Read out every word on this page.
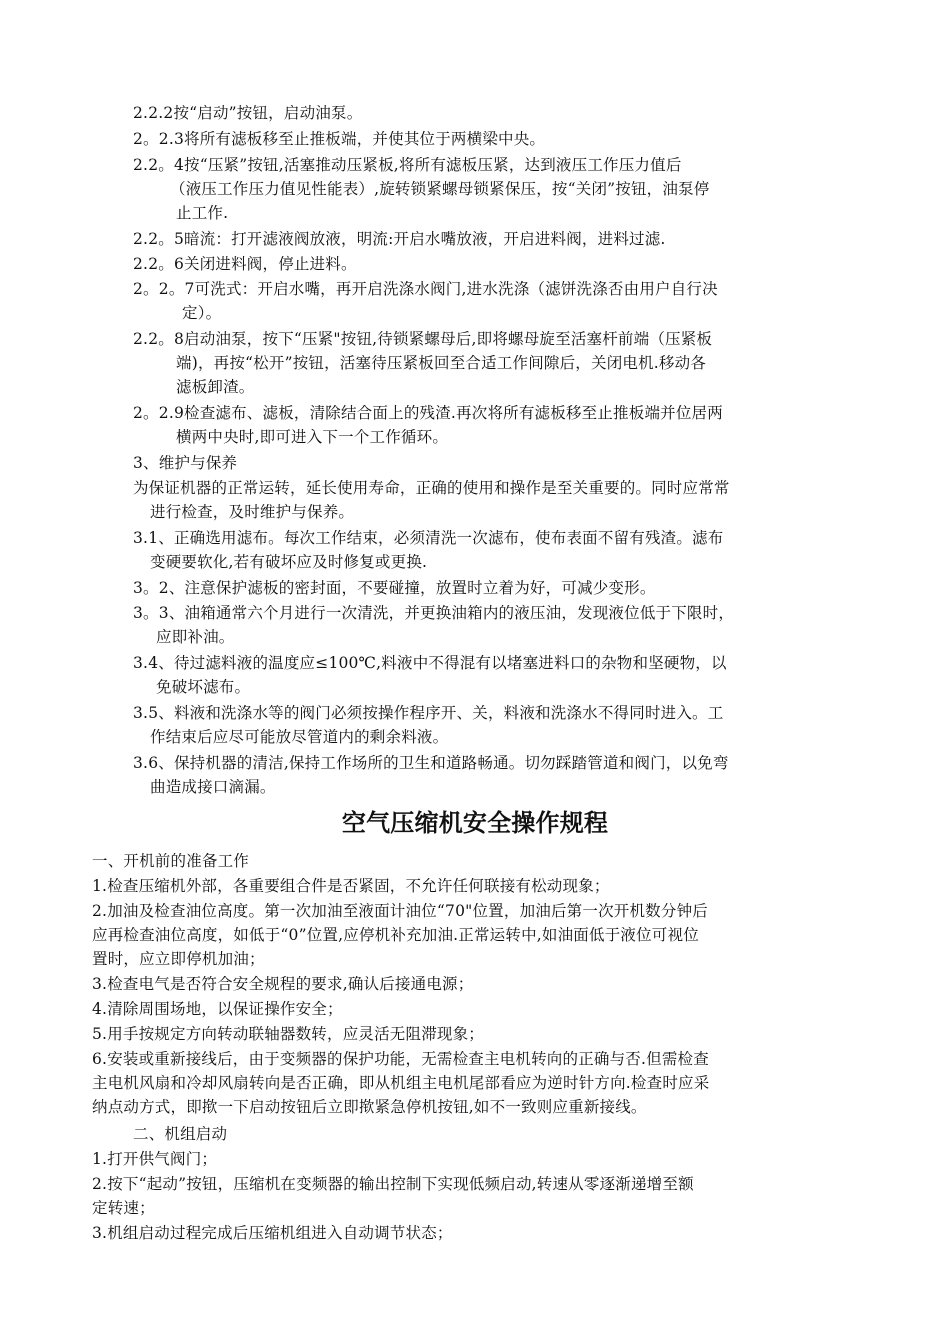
2.2.2按“启动”按钮，启动油泵。
2。2.3将所有滤板移至止推板端，并使其位于两横梁中央。
2.2。4按“压紧”按钮,活塞推动压紧板,将所有滤板压紧，达到液压工作压力值后
（液压工作压力值见性能表）,旋转锁紧螺母锁紧保压，按“关闭”按钮，油泵停
止工作.
2.2。5暗流：打开滤液阀放液，明流:开启水嘴放液，开启进料阀，进料过滤.
2.2。6关闭进料阀，停止进料。
2。2。7可洗式：开启水嘴，再开启洗涤水阀门,进水洗涤（滤饼洗涤否由用户自行决
定）。
2.2。8启动油泵，按下“压紧"按钮,待锁紧螺母后,即将螺母旋至活塞杆前端（压紧板
端)，再按“松开”按钮，活塞待压紧板回至合适工作间隙后，关闭电机.移动各
滤板卸渣。
2。2.9检查滤布、滤板，清除结合面上的残渣.再次将所有滤板移至止推板端并位居两
横两中央时,即可进入下一个工作循环。
3、维护与保养
为保证机器的正常运转，延长使用寿命，正确的使用和操作是至关重要的。同时应常常
进行检查，及时维护与保养。
3.1、正确选用滤布。每次工作结束，必须清洗一次滤布，使布表面不留有残渣。滤布
变硬要软化,若有破坏应及时修复或更换.
3。2、注意保护滤板的密封面，不要碰撞，放置时立着为好，可减少变形。
3。3、油箱通常六个月进行一次清洗，并更换油箱内的液压油，发现液位低于下限时，
应即补油。
3.4、待过滤料液的温度应≤100℃,料液中不得混有以堵塞进料口的杂物和坚硬物，以
免破坏滤布。
3.5、料液和洗涤水等的阀门必须按操作程序开、关，料液和洗涤水不得同时进入。工
作结束后应尽可能放尽管道内的剩余料液。
3.6、保持机器的清洁,保持工作场所的卫生和道路畅通。切勿踩踏管道和阀门，以免弯
曲造成接口滴漏。
空气压缩机安全操作规程
一、开机前的准备工作
1.检查压缩机外部，各重要组合件是否紧固，不允许任何联接有松动现象；
2.加油及检查油位高度。第一次加油至液面计油位“70"位置，加油后第一次开机数分钟后
应再检查油位高度，如低于“0”位置,应停机补充加油.正常运转中,如油面低于液位可视位
置时，应立即停机加油；
3.检查电气是否符合安全规程的要求,确认后接通电源；
4.清除周围场地，以保证操作安全；
5.用手按规定方向转动联轴器数转，应灵活无阻滞现象；
6.安装或重新接线后，由于变频器的保护功能，无需检查主电机转向的正确与否.但需检查
主电机风扇和冷却风扇转向是否正确，即从机组主电机尾部看应为逆时针方向.检查时应采
纳点动方式，即揿一下启动按钮后立即揿紧急停机按钮,如不一致则应重新接线。
二、机组启动
1.打开供气阀门；
2.按下“起动”按钮，压缩机在变频器的输出控制下实现低频启动,转速从零逐渐递增至额
定转速；
3.机组启动过程完成后压缩机组进入自动调节状态；
